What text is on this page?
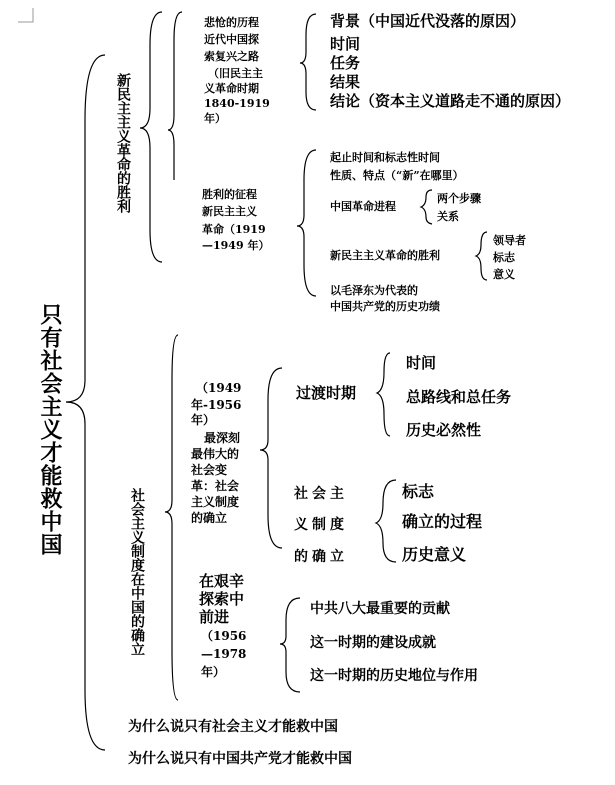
只有社会主义才能救中国
新民主主义革命的胜利
悲怆的历程
近代中国探
索复兴之路
（旧民主主
义革命时期
1840-1919
年）
背景（中国近代没落的原因）
时间
任务
结果
结论（资本主义道路走不通的原因）
胜利的征程
新民主主义
革命（1919
—1949 年）
起止时间和标志性时间
性质、特点（“新”在哪里）
中国革命进程
两个步骤
关系
新民主主义革命的胜利
领导者
标志
意义
以毛泽东为代表的
中国共产党的历史功绩
社会主义制度在中国的确立
（1949
年-1956
年）
最深刻
最伟大的
社会变
革：社会
主义制度
的确立
过渡时期
时间
总路线和总任务
历史必然性
社会主
义制度
的确立
标志
确立的过程
历史意义
在艰辛
探索中
前进
（1956
—1978
年）
中共八大最重要的贡献
这一时期的建设成就
这一时期的历史地位与作用
为什么说只有社会主义才能救中国
为什么说只有中国共产党才能救中国
